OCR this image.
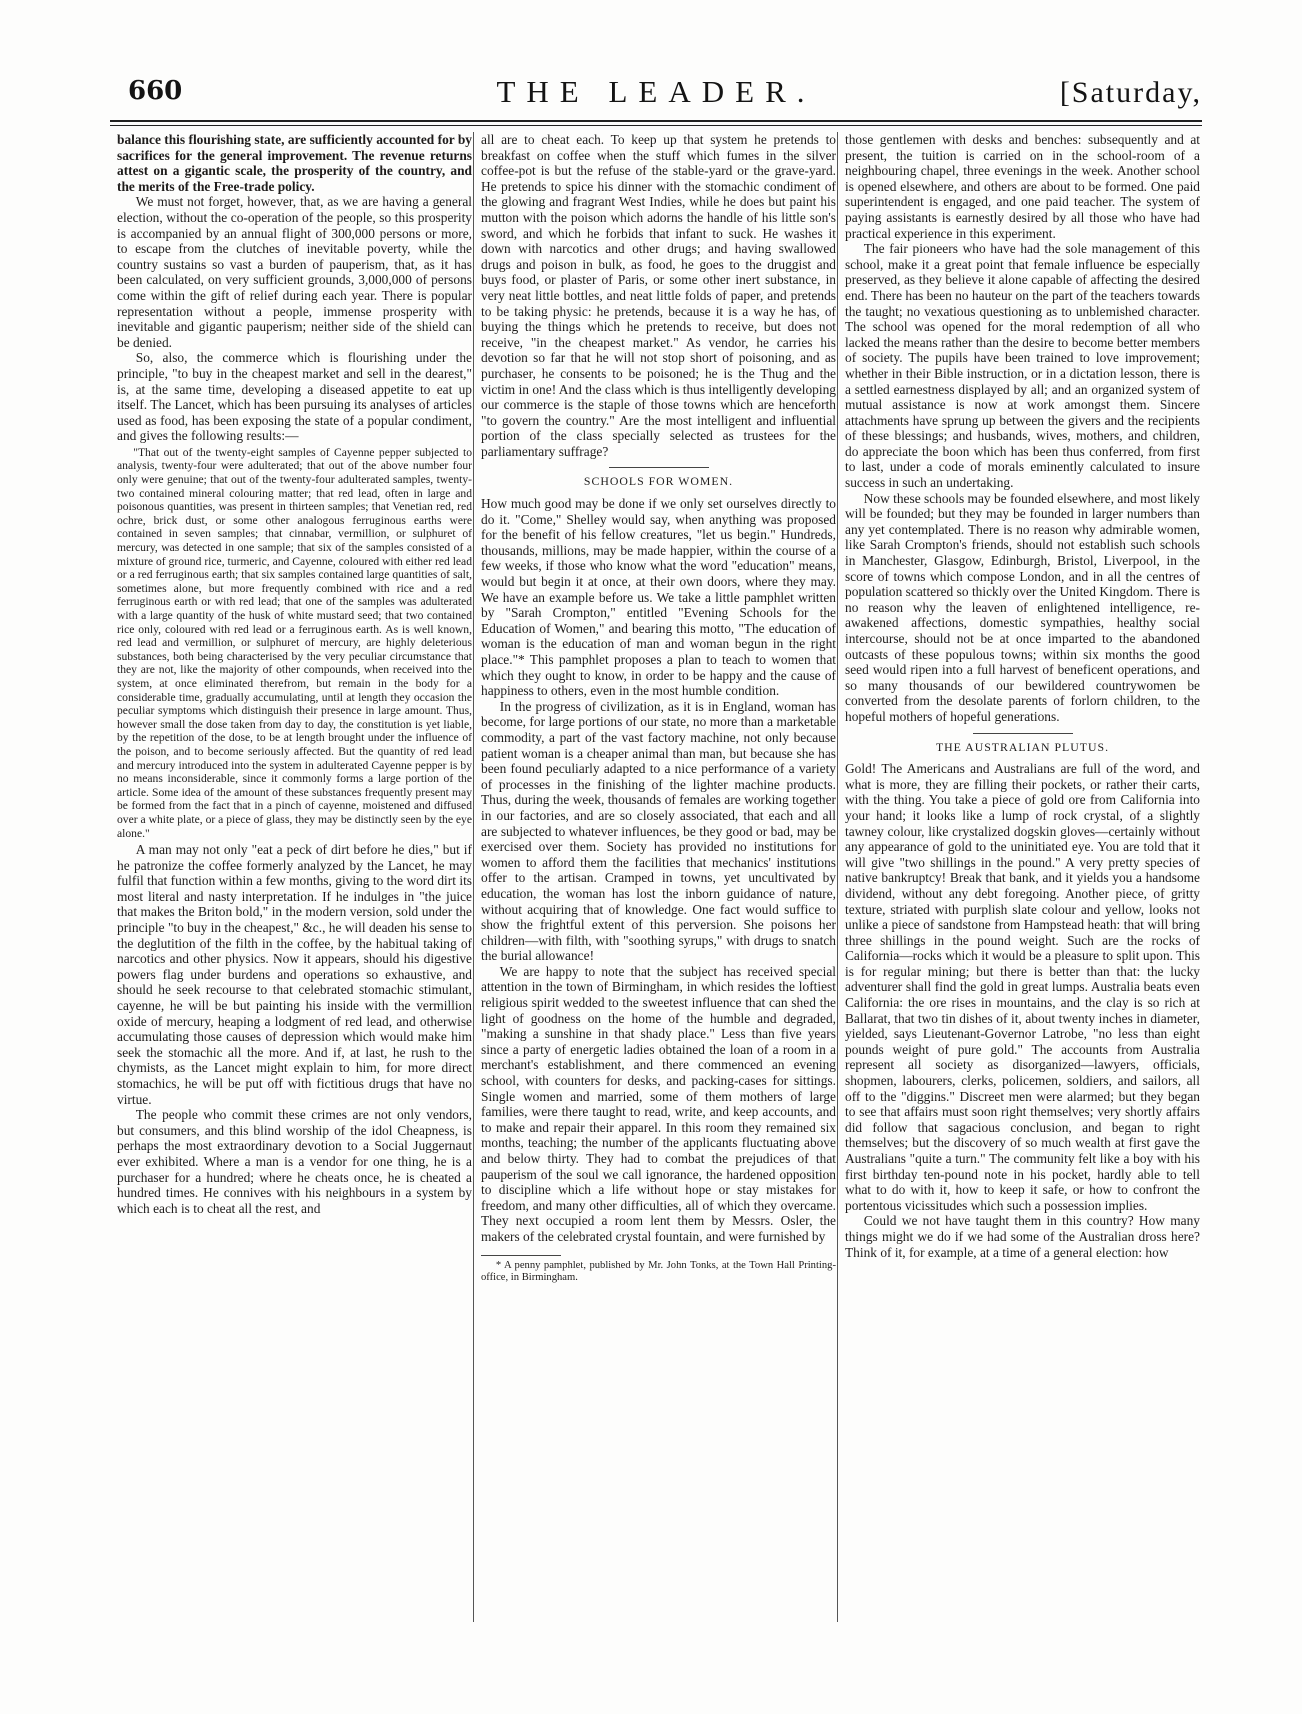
660	THE LEADER.	[Saturday,

balance this flourishing state, are sufficiently accounted for by sacrifices for the general improvement. The revenue returns attest on a gigantic scale, the prosperity of the country, and the merits of the Free-trade policy.

We must not forget, however, that, as we are having a general election, without the co-operation of the people, so this prosperity is accompanied by an annual flight of 300,000 persons or more, to escape from the clutches of inevitable poverty, while the country sustains so vast a burden of pauperism, that, as it has been calculated, on very sufficient grounds, 3,000,000 of persons come within the gift of relief during each year. There is popular representation without a people, immense prosperity with inevitable and gigantic pauperism; neither side of the shield can be denied.

So, also, the commerce which is flourishing under the principle, "to buy in the cheapest market and sell in the dearest," is, at the same time, developing a diseased appetite to eat up itself. The Lancet, which has been pursuing its analyses of articles used as food, has been exposing the state of a popular condiment, and gives the following results:—

"That out of the twenty-eight samples of Cayenne pepper subjected to analysis, twenty-four were adulterated; that out of the above number four only were genuine; that out of the twenty-four adulterated samples, twenty-two contained mineral colouring matter; that red lead, often in large and poisonous quantities, was present in thirteen samples; that Venetian red, red ochre, brick dust, or some other analogous ferruginous earths were contained in seven samples; that cinnabar, vermillion, or sulphuret of mercury, was detected in one sample; that six of the samples consisted of a mixture of ground rice, turmeric, and Cayenne, coloured with either red lead or a red ferruginous earth; that six samples contained large quantities of salt, sometimes alone, but more frequently combined with rice and a red ferruginous earth or with red lead; that one of the samples was adulterated with a large quantity of the husk of white mustard seed; that two contained rice only, coloured with red lead or a ferruginous earth. As is well known, red lead and vermillion, or sulphuret of mercury, are highly deleterious substances, both being characterised by the very peculiar circumstance that they are not, like the majority of other compounds, when received into the system, at once eliminated therefrom, but remain in the body for a considerable time, gradually accumulating, until at length they occasion the peculiar symptoms which distinguish their presence in large amount. Thus, however small the dose taken from day to day, the constitution is yet liable, by the repetition of the dose, to be at length brought under the influence of the poison, and to become seriously affected. But the quantity of red lead and mercury introduced into the system in adulterated Cayenne pepper is by no means inconsiderable, since it commonly forms a large portion of the article. Some idea of the amount of these substances frequently present may be formed from the fact that in a pinch of cayenne, moistened and diffused over a white plate, or a piece of glass, they may be distinctly seen by the eye alone."

A man may not only "eat a peck of dirt before he dies," but if he patronize the coffee formerly analyzed by the Lancet, he may fulfil that function within a few months, giving to the word dirt its most literal and nasty interpretation. If he indulges in "the juice that makes the Briton bold," in the modern version, sold under the principle "to buy in the cheapest," &c., he will deaden his sense to the deglutition of the filth in the coffee, by the habitual taking of narcotics and other physics. Now it appears, should his digestive powers flag under burdens and operations so exhaustive, and should he seek recourse to that celebrated stomachic stimulant, cayenne, he will be but painting his inside with the vermillion oxide of mercury, heaping a lodgment of red lead, and otherwise accumulating those causes of depression which would make him seek the stomachic all the more. And if, at last, he rush to the chymists, as the Lancet might explain to him, for more direct stomachics, he will be put off with fictitious drugs that have no virtue.

The people who commit these crimes are not only vendors, but consumers, and this blind worship of the idol Cheapness, is perhaps the most extraordinary devotion to a Social Juggernaut ever exhibited. Where a man is a vendor for one thing, he is a purchaser for a hundred; where he cheats once, he is cheated a hundred times. He connives with his neighbours in a system by which each is to cheat all the rest, and

all are to cheat each. To keep up that system he pretends to breakfast on coffee when the stuff which fumes in the silver coffee-pot is but the refuse of the stable-yard or the grave-yard. He pretends to spice his dinner with the stomachic condiment of the glowing and fragrant West Indies, while he does but paint his mutton with the poison which adorns the handle of his little son's sword, and which he forbids that infant to suck. He washes it down with narcotics and other drugs; and having swallowed drugs and poison in bulk, as food, he goes to the druggist and buys food, or plaster of Paris, or some other inert substance, in very neat little bottles, and neat little folds of paper, and pretends to be taking physic: he pretends, because it is a way he has, of buying the things which he pretends to receive, but does not receive, "in the cheapest market." As vendor, he carries his devotion so far that he will not stop short of poisoning, and as purchaser, he consents to be poisoned; he is the Thug and the victim in one! And the class which is thus intelligently developing our commerce is the staple of those towns which are henceforth "to govern the country." Are the most intelligent and influential portion of the class specially selected as trustees for the parliamentary suffrage?

SCHOOLS FOR WOMEN.

How much good may be done if we only set ourselves directly to do it. "Come," Shelley would say, when anything was proposed for the benefit of his fellow creatures, "let us begin." Hundreds, thousands, millions, may be made happier, within the course of a few weeks, if those who know what the word "education" means, would but begin it at once, at their own doors, where they may. We have an example before us. We take a little pamphlet written by "Sarah Crompton," entitled "Evening Schools for the Education of Women," and bearing this motto, "The education of woman is the education of man and woman begun in the right place."* This pamphlet proposes a plan to teach to women that which they ought to know, in order to be happy and the cause of happiness to others, even in the most humble condition.

In the progress of civilization, as it is in England, woman has become, for large portions of our state, no more than a marketable commodity, a part of the vast factory machine, not only because patient woman is a cheaper animal than man, but because she has been found peculiarly adapted to a nice performance of a variety of processes in the finishing of the lighter machine products. Thus, during the week, thousands of females are working together in our factories, and are so closely associated, that each and all are subjected to whatever influences, be they good or bad, may be exercised over them. Society has provided no institutions for women to afford them the facilities that mechanics' institutions offer to the artisan. Cramped in towns, yet uncultivated by education, the woman has lost the inborn guidance of nature, without acquiring that of knowledge. One fact would suffice to show the frightful extent of this perversion. She poisons her children—with filth, with "soothing syrups," with drugs to snatch the burial allowance!

We are happy to note that the subject has received special attention in the town of Birmingham, in which resides the loftiest religious spirit wedded to the sweetest influence that can shed the light of goodness on the home of the humble and degraded, "making a sunshine in that shady place." Less than five years since a party of energetic ladies obtained the loan of a room in a merchant's establishment, and there commenced an evening school, with counters for desks, and packing-cases for sittings. Single women and married, some of them mothers of large families, were there taught to read, write, and keep accounts, and to make and repair their apparel. In this room they remained six months, teaching; the number of the applicants fluctuating above and below thirty. They had to combat the prejudices of that pauperism of the soul we call ignorance, the hardened opposition to discipline which a life without hope or stay mistakes for freedom, and many other difficulties, all of which they overcame. They next occupied a room lent them by Messrs. Osler, the makers of the celebrated crystal fountain, and were furnished by

* A penny pamphlet, published by Mr. John Tonks, at the Town Hall Printing-office, in Birmingham.

those gentlemen with desks and benches: subsequently and at present, the tuition is carried on in the school-room of a neighbouring chapel, three evenings in the week. Another school is opened elsewhere, and others are about to be formed. One paid superintendent is engaged, and one paid teacher. The system of paying assistants is earnestly desired by all those who have had practical experience in this experiment.

The fair pioneers who have had the sole management of this school, make it a great point that female influence be especially preserved, as they believe it alone capable of affecting the desired end. There has been no hauteur on the part of the teachers towards the taught; no vexatious questioning as to unblemished character. The school was opened for the moral redemption of all who lacked the means rather than the desire to become better members of society. The pupils have been trained to love improvement; whether in their Bible instruction, or in a dictation lesson, there is a settled earnestness displayed by all; and an organized system of mutual assistance is now at work amongst them. Sincere attachments have sprung up between the givers and the recipients of these blessings; and husbands, wives, mothers, and children, do appreciate the boon which has been thus conferred, from first to last, under a code of morals eminently calculated to insure success in such an undertaking.

Now these schools may be founded elsewhere, and most likely will be founded; but they may be founded in larger numbers than any yet contemplated. There is no reason why admirable women, like Sarah Crompton's friends, should not establish such schools in Manchester, Glasgow, Edinburgh, Bristol, Liverpool, in the score of towns which compose London, and in all the centres of population scattered so thickly over the United Kingdom. There is no reason why the leaven of enlightened intelligence, re-awakened affections, domestic sympathies, healthy social intercourse, should not be at once imparted to the abandoned outcasts of these populous towns; within six months the good seed would ripen into a full harvest of beneficent operations, and so many thousands of our bewildered countrywomen be converted from the desolate parents of forlorn children, to the hopeful mothers of hopeful generations.

THE AUSTRALIAN PLUTUS.

Gold! The Americans and Australians are full of the word, and what is more, they are filling their pockets, or rather their carts, with the thing. You take a piece of gold ore from California into your hand; it looks like a lump of rock crystal, of a slightly tawney colour, like crystalized dogskin gloves—certainly without any appearance of gold to the uninitiated eye. You are told that it will give "two shillings in the pound." A very pretty species of native bankruptcy! Break that bank, and it yields you a handsome dividend, without any debt foregoing. Another piece, of gritty texture, striated with purplish slate colour and yellow, looks not unlike a piece of sandstone from Hampstead heath: that will bring three shillings in the pound weight. Such are the rocks of California—rocks which it would be a pleasure to split upon. This is for regular mining; but there is better than that: the lucky adventurer shall find the gold in great lumps. Australia beats even California: the ore rises in mountains, and the clay is so rich at Ballarat, that two tin dishes of it, about twenty inches in diameter, yielded, says Lieutenant-Governor Latrobe, "no less than eight pounds weight of pure gold." The accounts from Australia represent all society as disorganized—lawyers, officials, shopmen, labourers, clerks, policemen, soldiers, and sailors, all off to the "diggins." Discreet men were alarmed; but they began to see that affairs must soon right themselves; very shortly affairs did follow that sagacious conclusion, and began to right themselves; but the discovery of so much wealth at first gave the Australians "quite a turn." The community felt like a boy with his first birthday ten-pound note in his pocket, hardly able to tell what to do with it, how to keep it safe, or how to confront the portentous vicissitudes which such a possession implies.

Could we not have taught them in this country? How many things might we do if we had some of the Australian dross here? Think of it, for example, at a time of a general election: how
